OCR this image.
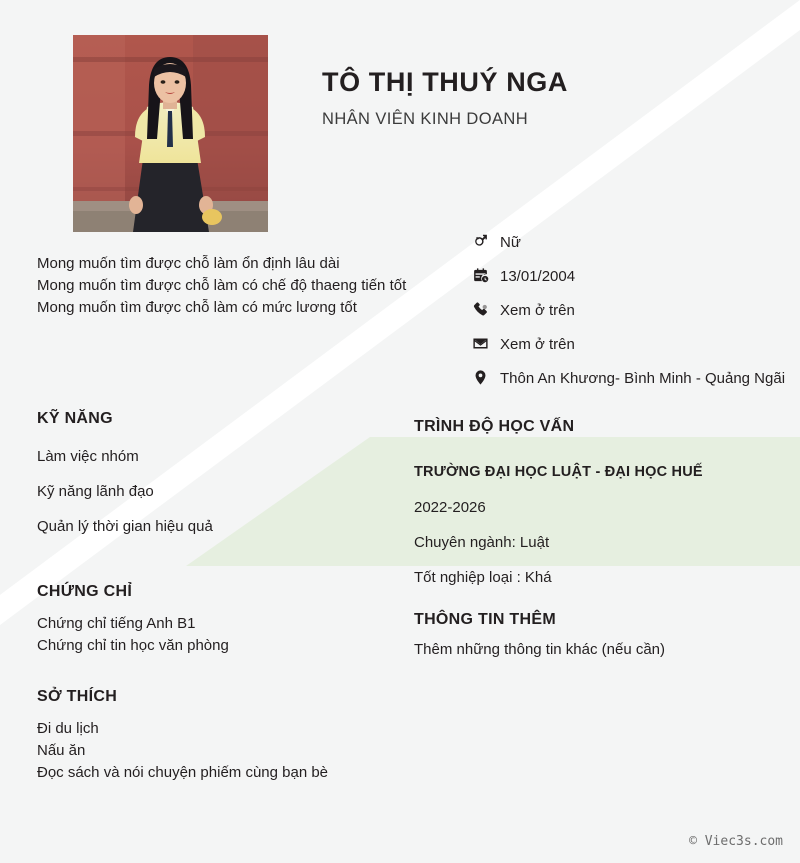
TÔ THỊ THUÝ NGA
NHÂN VIÊN KINH DOANH
Mong muốn tìm được chỗ làm ổn định lâu dài
Mong muốn tìm được chỗ làm có chế độ thaeng tiến tốt
Mong muốn tìm được chỗ làm có mức lương tốt
Nữ
13/01/2004
Xem ở trên
Xem ở trên
Thôn An Khương- Bình Minh - Quảng Ngãi
KỸ NĂNG
Làm việc nhóm
Kỹ năng lãnh đạo
Quản lý thời gian hiệu quả
CHỨNG CHỈ
Chứng chỉ tiếng Anh B1
Chứng chỉ tin học văn phòng
SỞ THÍCH
Đi du lịch
Nấu ăn
Đọc sách và nói chuyện phiếm cùng bạn bè
TRÌNH ĐỘ HỌC VẤN
TRƯỜNG ĐẠI HỌC LUẬT - ĐẠI HỌC HUẾ
2022-2026
Chuyên ngành: Luật
Tốt nghiệp loại : Khá
THÔNG TIN THÊM
Thêm những thông tin khác (nếu cần)
© Viec3s.com
